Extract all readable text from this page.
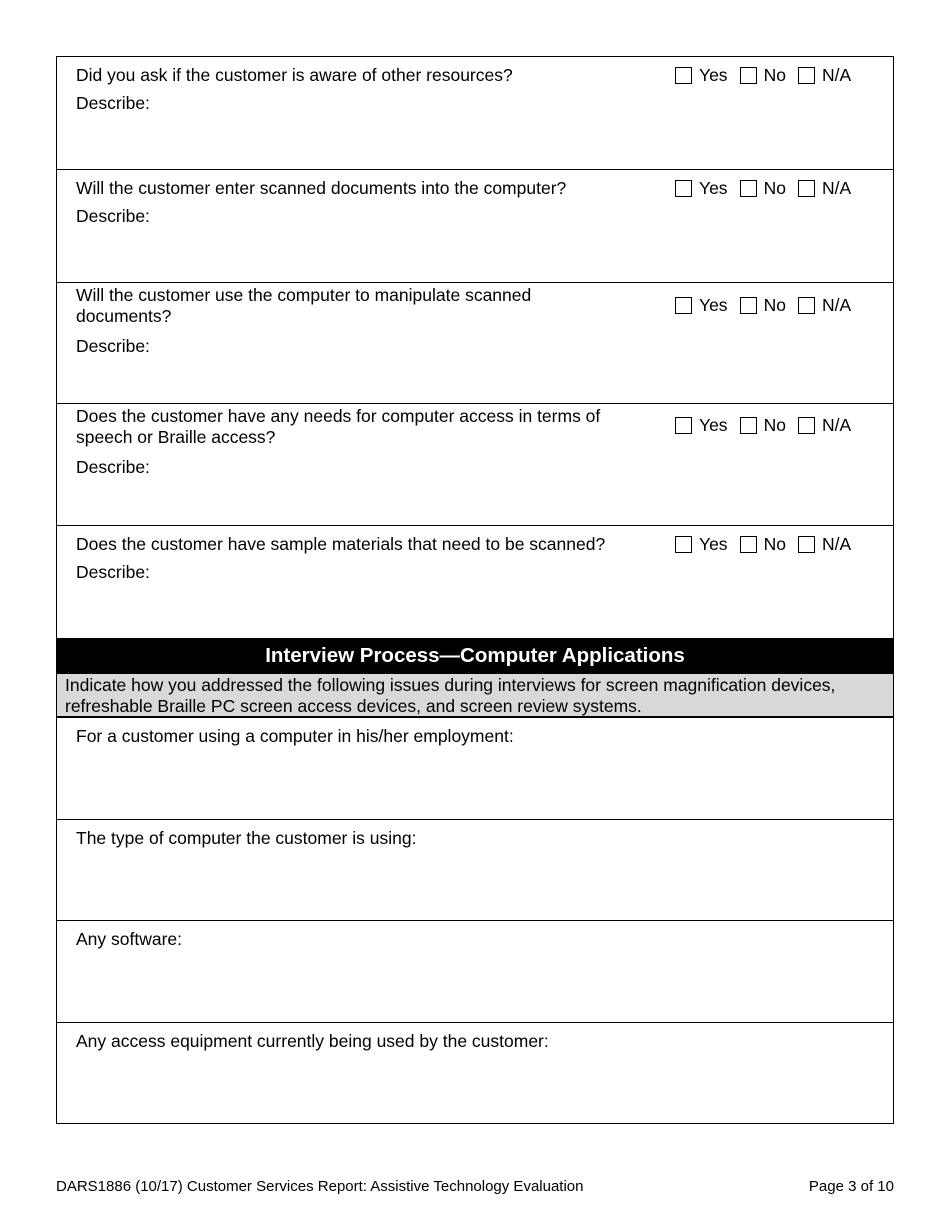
Did you ask if the customer is aware of other resources?
Describe:
Yes No N/A
Will the customer enter scanned documents into the computer?
Describe:
Yes No N/A
Will the customer use the computer to manipulate scanned documents?
Describe:
Yes No N/A
Does the customer have any needs for computer access in terms of speech or Braille access?
Describe:
Yes No N/A
Does the customer have sample materials that need to be scanned?
Describe:
Yes No N/A
Interview Process—Computer Applications
Indicate how you addressed the following issues during interviews for screen magnification devices, refreshable Braille PC screen access devices, and screen review systems.
For a customer using a computer in his/her employment:
The type of computer the customer is using:
Any software:
Any access equipment currently being used by the customer:
DARS1886 (10/17) Customer Services Report: Assistive Technology Evaluation	Page 3 of 10
